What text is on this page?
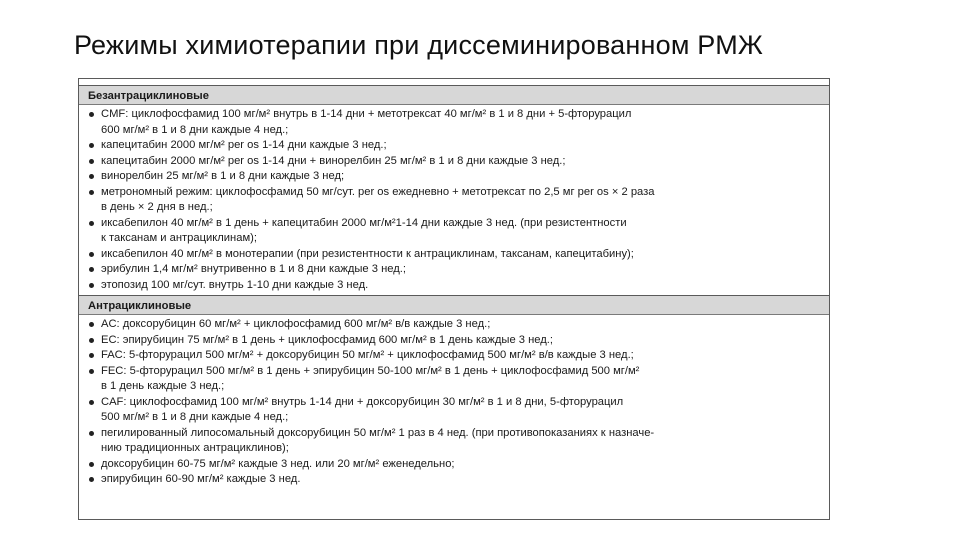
Режимы химиотерапии при диссеминированном РМЖ
Безантрациклиновые
CMF: циклофосфамид 100 мг/м² внутрь в 1-14 дни + метотрексат 40 мг/м² в 1 и 8 дни + 5-фторурацил
600 мг/м² в 1 и 8 дни каждые 4 нед.;
капецитабин 2000 мг/м² per os 1-14 дни каждые 3 нед.;
капецитабин 2000 мг/м² per os 1-14 дни + винорелбин 25 мг/м² в 1 и 8 дни каждые 3 нед.;
винорелбин 25 мг/м² в 1 и 8 дни каждые 3 нед;
метрономный режим: циклофосфамид 50 мг/сут. per os ежедневно + метотрексат по 2,5 мг per os × 2 раза
в день × 2 дня в нед.;
иксабепилон 40 мг/м² в 1 день + капецитабин 2000 мг/м²1-14 дни каждые 3 нед. (при резистентности
к таксанам и антрациклинам);
иксабепилон 40 мг/м² в монотерапии (при резистентности к антрациклинам, таксанам, капецитабину);
эрибулин 1,4 мг/м² внутривенно в 1 и 8 дни каждые 3 нед.;
этопозид 100 мг/сут. внутрь 1-10 дни каждые 3 нед.
Антрациклиновые
AC: доксорубицин 60 мг/м² + циклофосфамид 600 мг/м² в/в каждые 3 нед.;
EC: эпирубицин 75 мг/м² в 1 день + циклофосфамид 600 мг/м² в 1 день каждые 3 нед.;
FAC: 5-фторурацил 500 мг/м² + доксорубицин 50 мг/м² + циклофосфамид 500 мг/м² в/в каждые 3 нед.;
FEC: 5-фторурацил 500 мг/м² в 1 день + эпирубицин 50-100 мг/м² в 1 день + циклофосфамид 500 мг/м²
в 1 день каждые 3 нед.;
CAF: циклофосфамид 100 мг/м² внутрь 1-14 дни + доксорубицин 30 мг/м² в 1 и 8 дни, 5-фторурацил
500 мг/м² в 1 и 8 дни каждые 4 нед.;
пегилированный липосомальный доксорубицин 50 мг/м² 1 раз в 4 нед. (при противопоказаниях к назначе-
нию традиционных антрациклинов);
доксорубицин 60-75 мг/м² каждые 3 нед. или 20 мг/м² еженедельно;
эпирубицин 60-90 мг/м² каждые 3 нед.
